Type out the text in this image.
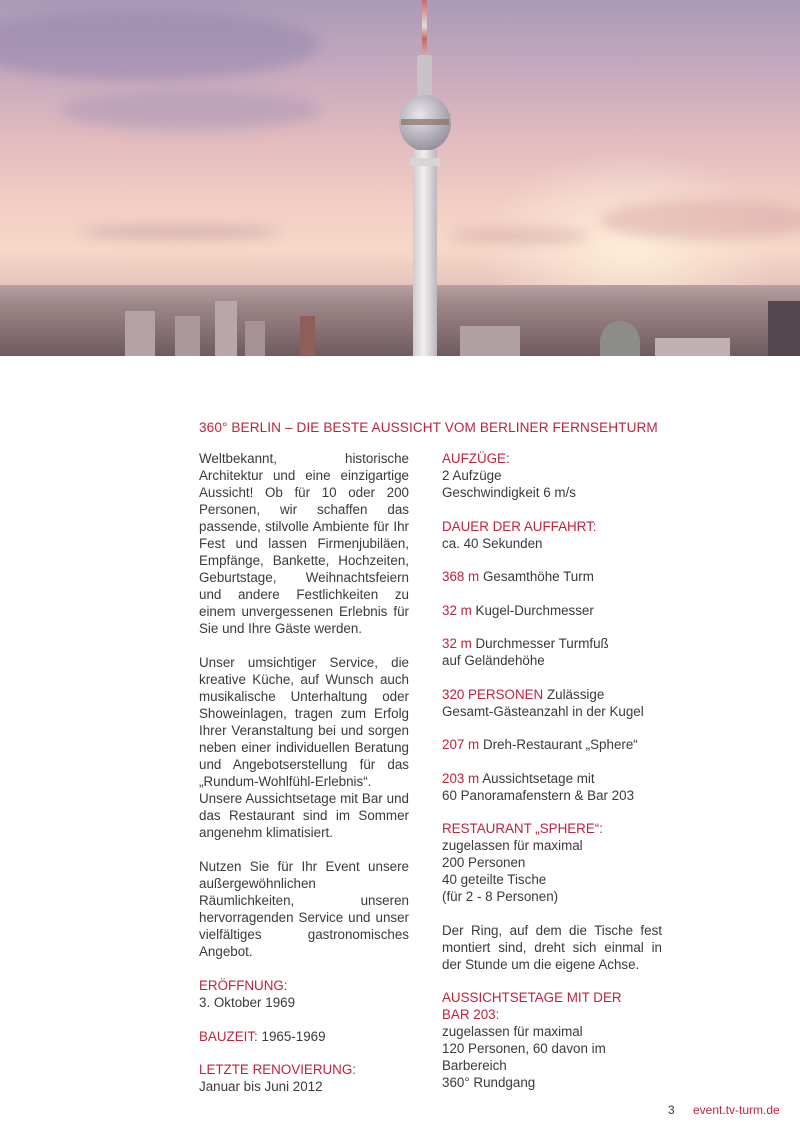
360° BERLIN – DIE BESTE AUSSICHT VOM BERLINER FERNSEHTURM

Weltbekannt, historische Architektur und eine einzigartige Aussicht! Ob für 10 oder 200 Personen, wir schaffen das passende, stilvolle Ambiente für Ihr Fest und lassen Firmenjubiläen, Empfänge, Bankette, Hochzeiten, Geburtstage, Weihnachtsfeiern und andere Festlichkeiten zu einem unvergessenen Erlebnis für Sie und Ihre Gäste werden.

Unser umsichtiger Service, die kreative Küche, auf Wunsch auch musikalische Unterhaltung oder Showeinlagen, tragen zum Erfolg Ihrer Veranstaltung bei und sorgen neben einer individuellen Beratung und Angebotserstellung für das „Rundum-Wohlfühl-Erlebnis“. Unsere Aussichtsetage mit Bar und das Restaurant sind im Sommer angenehm klimatisiert.

Nutzen Sie für Ihr Event unsere außergewöhnlichen Räumlichkeiten, unseren hervorragenden Service und unser vielfältiges gastronomisches Angebot.

ERÖFFNUNG:
3. Oktober 1969
BAUZEIT: 1965-1969
LETZTE RENOVIERUNG:
Januar bis Juni 2012
AUFZÜGE:
2 Aufzüge
Geschwindigkeit 6 m/s
DAUER DER AUFFAHRT:
ca. 40 Sekunden
368 m Gesamthöhe Turm
32 m Kugel-Durchmesser
32 m Durchmesser Turmfuß
auf Geländehöhe
320 PERSONEN Zulässige
Gesamt-Gästeanzahl in der Kugel
207 m Dreh-Restaurant „Sphere“
203 m Aussichtsetage mit
60 Panoramafenstern & Bar 203
RESTAURANT „SPHERE“:
zugelassen für maximal
200 Personen
40 geteilte Tische
(für 2 - 8 Personen)
Der Ring, auf dem die Tische fest montiert sind, dreht sich einmal in der Stunde um die eigene Achse.
AUSSICHTSETAGE MIT DER
BAR 203:
zugelassen für maximal
120 Personen, 60 davon im
Barbereich
360° Rundgang
3 event.tv-turm.de
